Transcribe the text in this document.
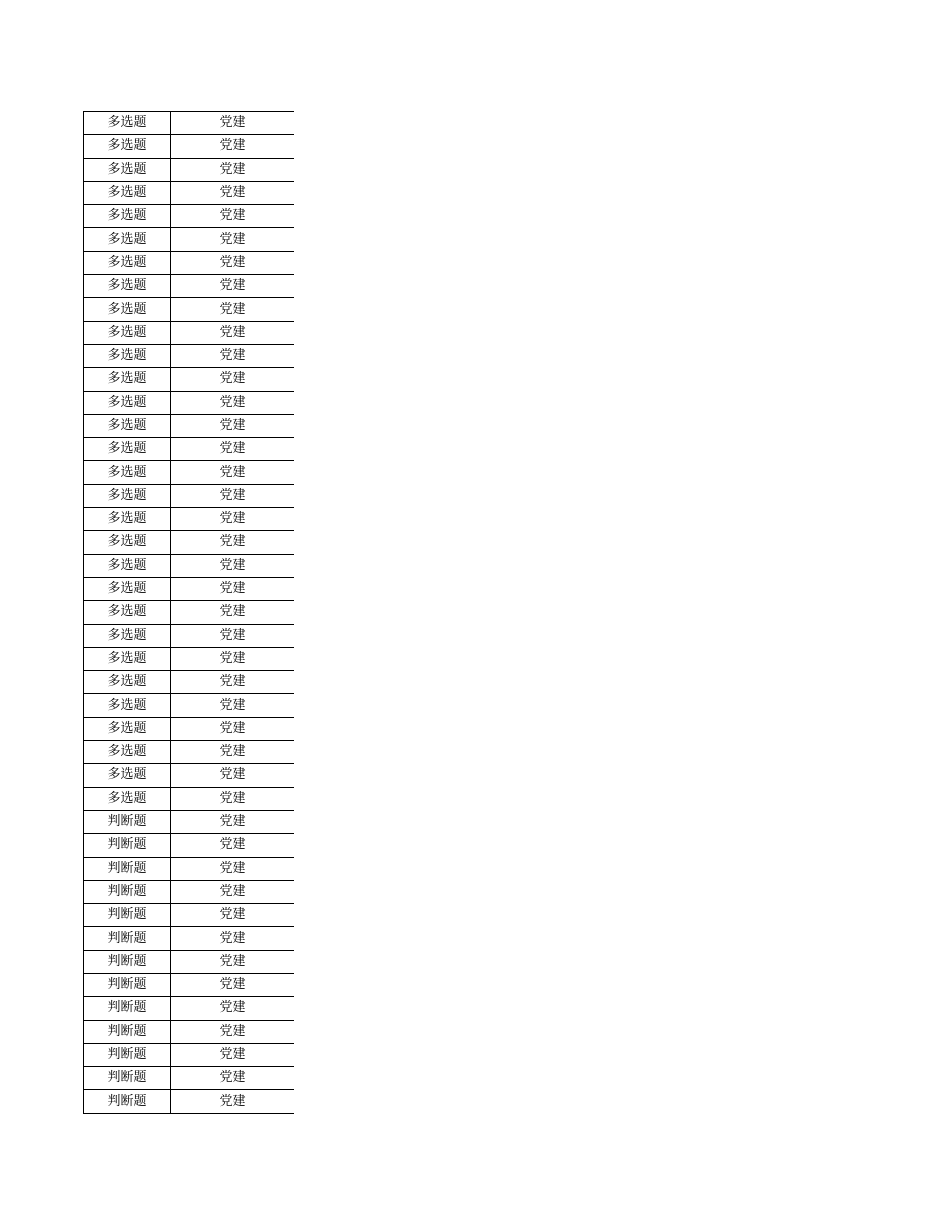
多选题	党建
多选题	党建
多选题	党建
多选题	党建
多选题	党建
多选题	党建
多选题	党建
多选题	党建
多选题	党建
多选题	党建
多选题	党建
多选题	党建
多选题	党建
多选题	党建
多选题	党建
多选题	党建
多选题	党建
多选题	党建
多选题	党建
多选题	党建
多选题	党建
多选题	党建
多选题	党建
多选题	党建
多选题	党建
多选题	党建
多选题	党建
多选题	党建
多选题	党建
多选题	党建
判断题	党建
判断题	党建
判断题	党建
判断题	党建
判断题	党建
判断题	党建
判断题	党建
判断题	党建
判断题	党建
判断题	党建
判断题	党建
判断题	党建
判断题	党建
